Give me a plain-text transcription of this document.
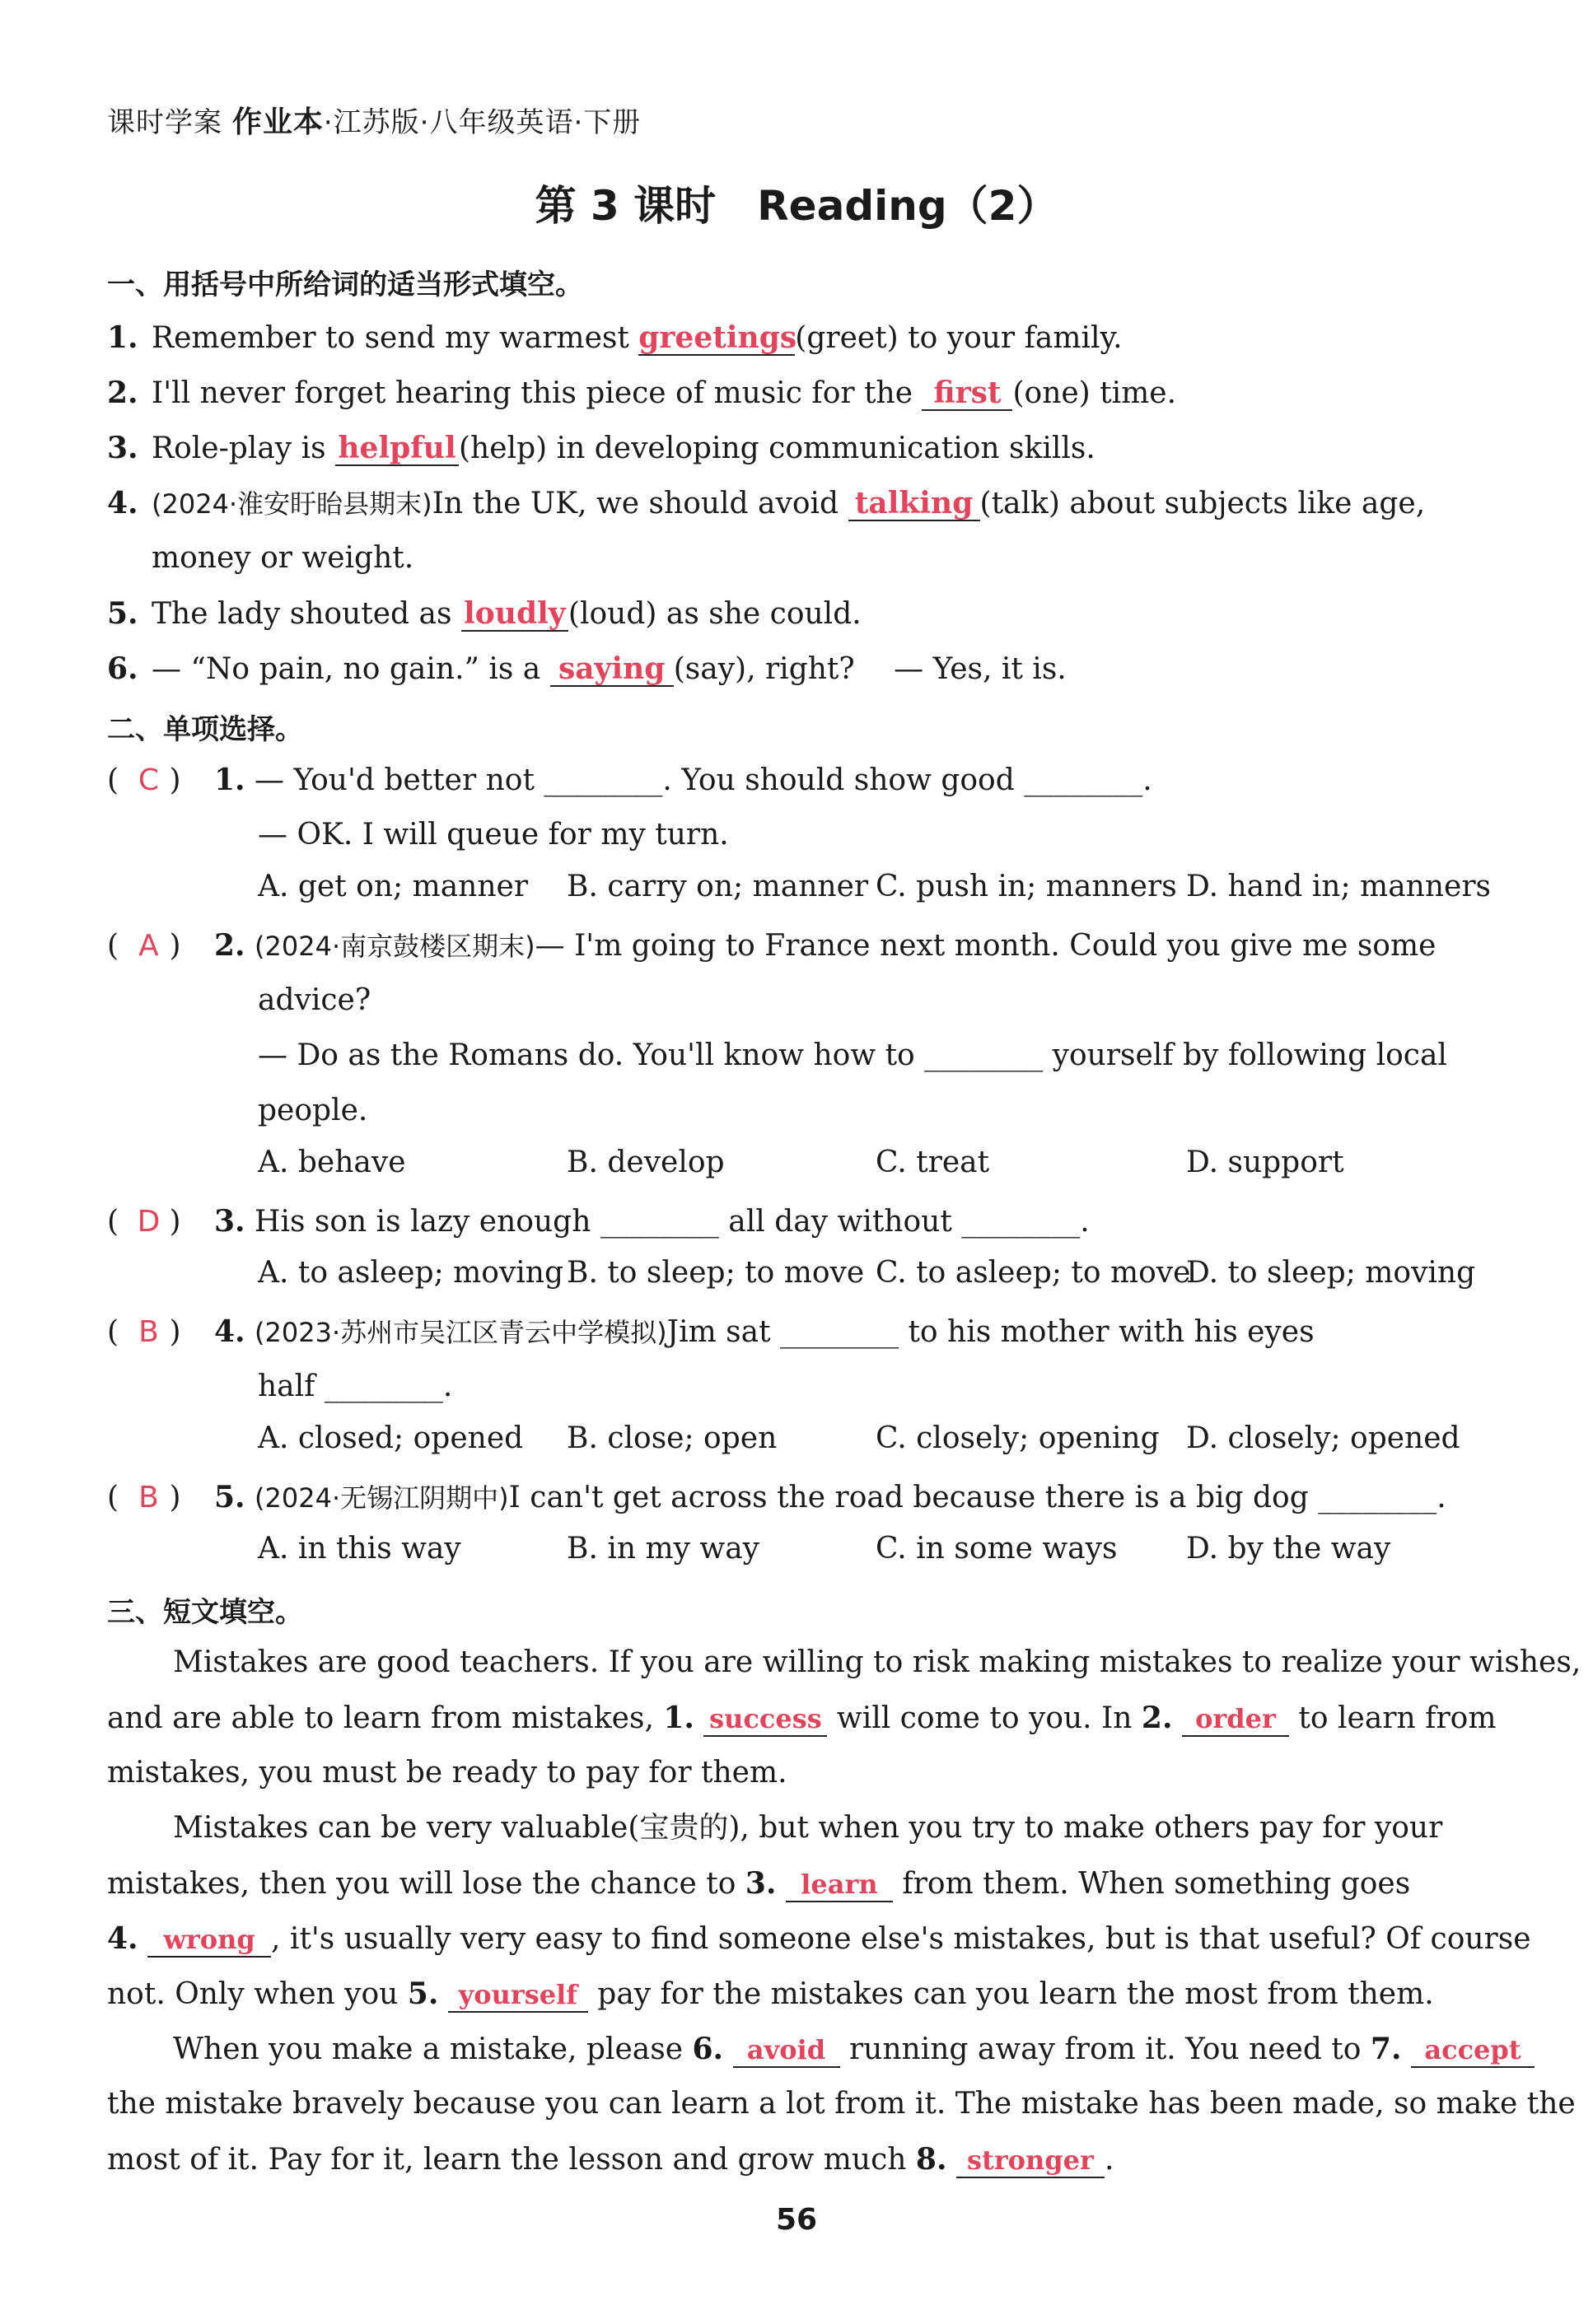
课时学案 作业本·江苏版·八年级英语·下册
第 3 课时　Reading（2）
一、用括号中所给词的适当形式填空。
1. Remember to send my warmest greetings(greet) to your family.
2. I'll never forget hearing this piece of music for the first (one) time.
3. Role-play is helpful(help) in developing communication skills.
4. (2024·淮安盱眙县期末)In the UK, we should avoid talking (talk) about subjects like age,
money or weight.
5. The lady shouted as loudly(loud) as she could.
6. — “No pain, no gain.” is a saying (say), right?　 — Yes, it is.
二、单项选择。
( C ) 1. — You'd better not ________. You should show good ________.
— OK. I will queue for my turn.
A. get on; manner B. carry on; manner C. push in; manners D. hand in; manners
( A ) 2. (2024·南京鼓楼区期末)— I'm going to France next month. Could you give me some
advice?
— Do as the Romans do. You'll know how to ________ yourself by following local
people.
A. behave	B. develop	C. treat	D. support
( D ) 3. His son is lazy enough ________ all day without ________.
A. to asleep; moving B. to sleep; to move C. to asleep; to move
D. to sleep; moving
( B ) 4. (2023·苏州市吴江区青云中学模拟)Jim sat ________ to his mother with his eyes
half ________.
A. closed; opened B. close; open	C. closely; opening D. closely; opened
( B ) 5. (2024·无锡江阴期中)I can't get across the road because there is a big dog ________.
A. in this way	B. in my way	C. in some ways D. by the way
三、短文填空。
Mistakes are good teachers. If you are willing to risk making mistakes to realize your wishes,
and are able to learn from mistakes, 1. success will come to you. In 2. order to learn from
mistakes, you must be ready to pay for them.
Mistakes can be very valuable(宝贵的), but when you try to make others pay for your
mistakes, then you will lose the chance to 3. learn from them. When something goes
4. wrong , it's usually very easy to find someone else's mistakes, but is that useful? Of course
not. Only when you 5. yourself pay for the mistakes can you learn the most from them.
When you make a mistake, please 6. avoid running away from it. You need to 7. accept
the mistake bravely because you can learn a lot from it. The mistake has been made, so make the
most of it. Pay for it, learn the lesson and grow much 8. stronger .
56
